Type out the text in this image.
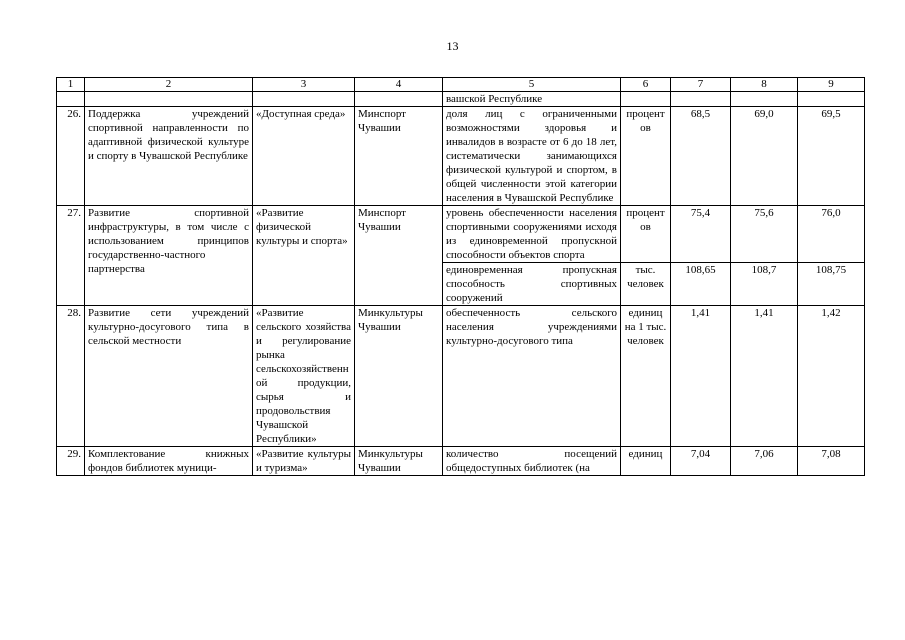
13
1	2	3	4	5	6	7	8	9
				вашской Республике				
26.	Поддержка учреждений спортивной направленности по адаптивной физической культуре и спорту в Чувашской Республике	«Доступная среда»	Минспорт Чувашии	доля лиц с ограниченными возможностями здоровья и инвалидов в возрасте от 6 до 18 лет, систематически занимающихся физической культурой и спортом, в общей численности этой категории населения в Чувашской Республике	процентов	68,5	69,0	69,5
27.	Развитие спортивной инфраструктуры, в том числе с использованием принципов государственно-частного партнерства	«Развитие физической культуры и спорта»	Минспорт Чувашии	уровень обеспеченности населения спортивными сооружениями исходя из единовременной пропускной способности объектов спорта	процентов	75,4	75,6	76,0
				единовременная пропускная способность спортивных сооружений	тыс. человек	108,65	108,7	108,75
28.	Развитие сети учреждений культурно-досугового типа в сельской местности	«Развитие сельского хозяйства и регулирование рынка сельскохозяйственной продукции, сырья и продовольствия Чувашской Республики»	Минкультуры Чувашии	обеспеченность сельского населения учреждениями культурно-досугового типа	единиц на 1 тыс. человек	1,41	1,41	1,42
29.	Комплектование книжных фондов библиотек муници-	«Развитие культуры и туризма»	Минкультуры Чувашии	количество посещений общедоступных библиотек (на	единиц	7,04	7,06	7,08
